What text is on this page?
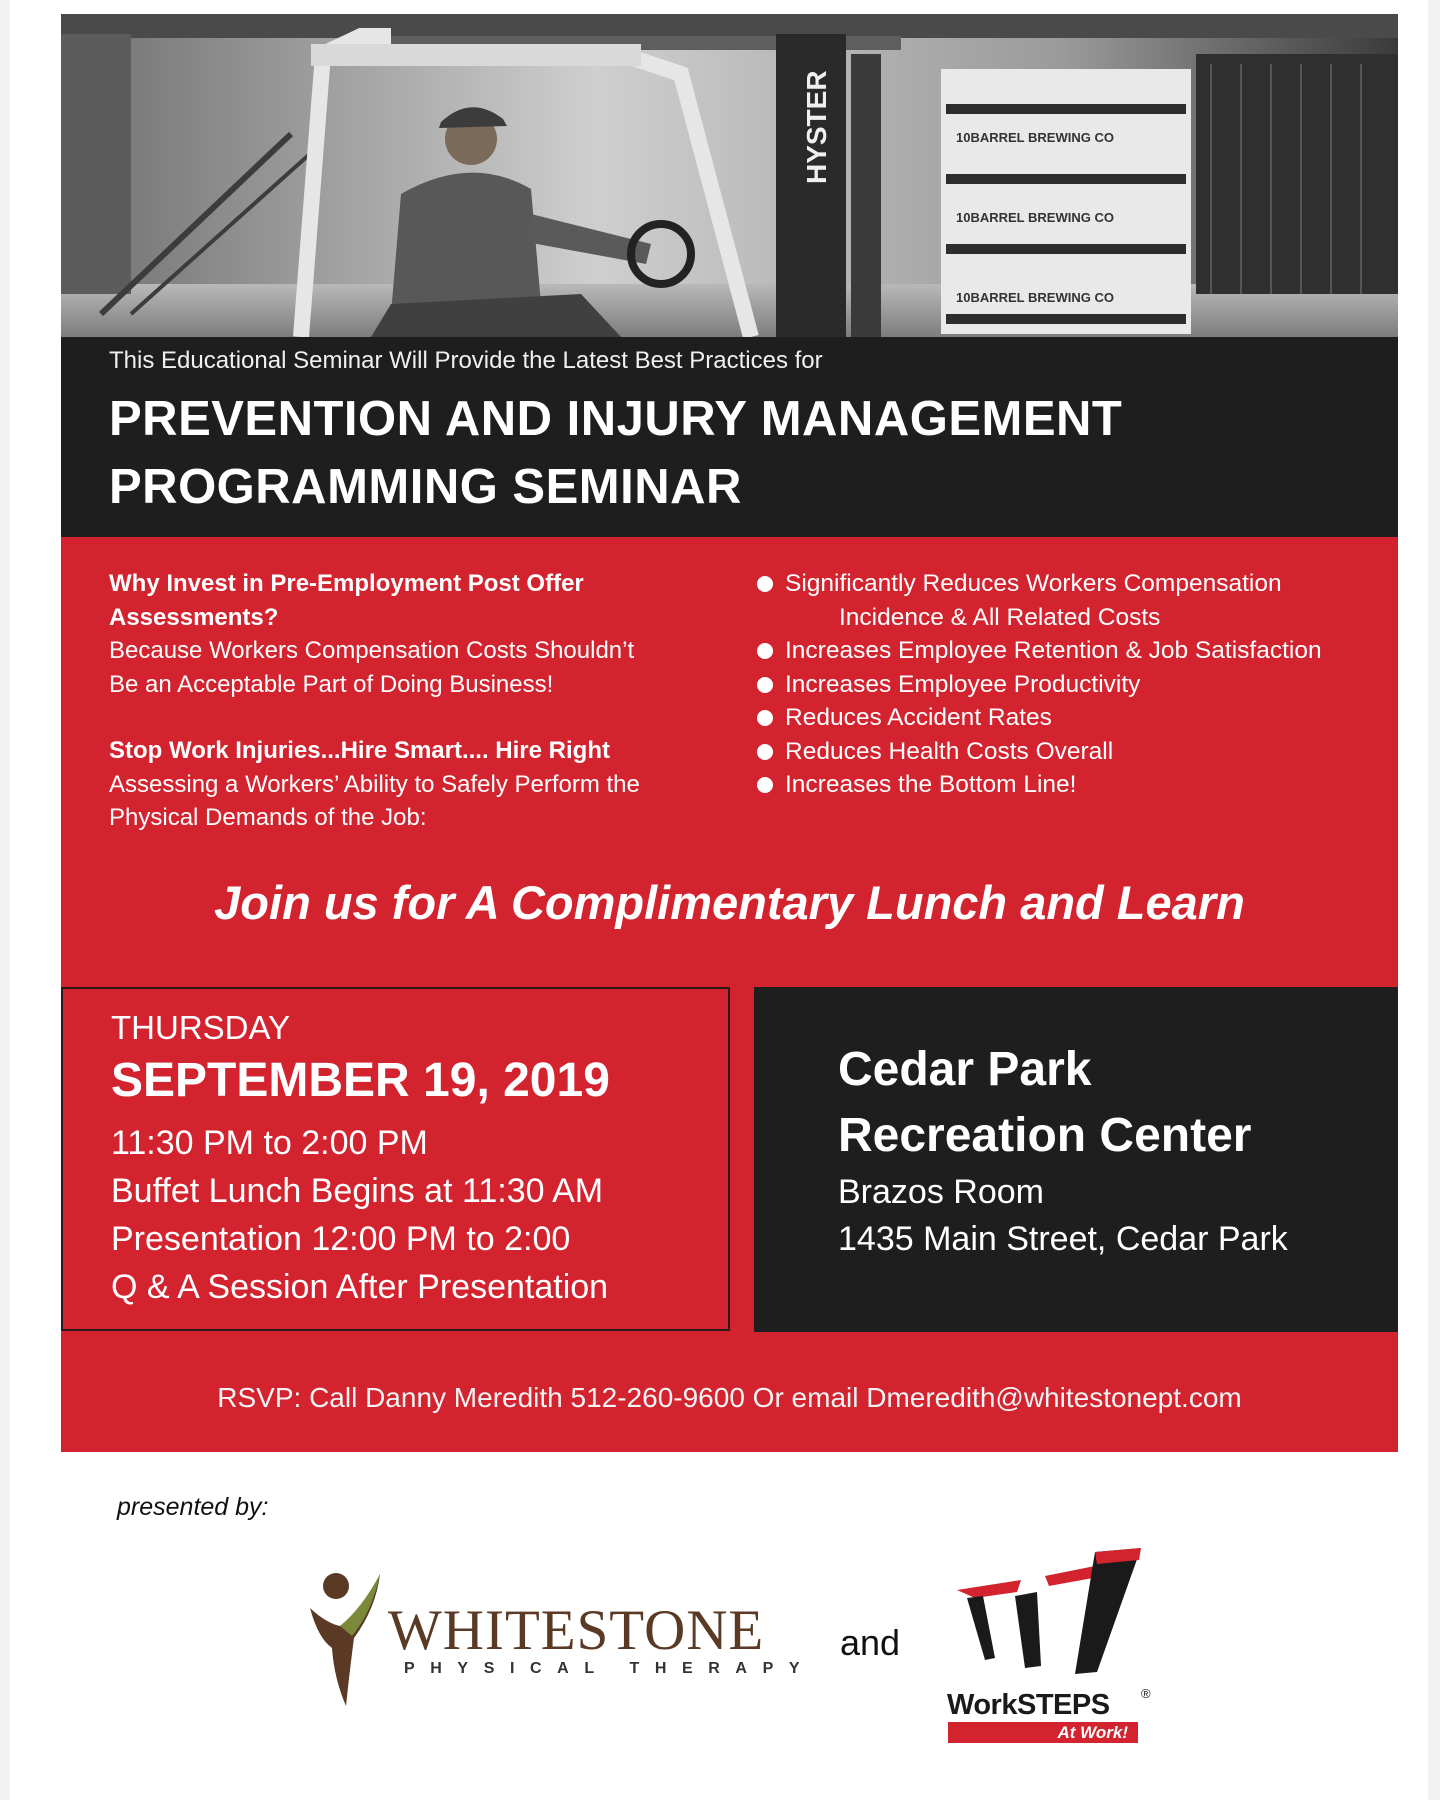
HYSTER	10BARREL BREWING CO
10BARREL BREWING CO
10BARREL BREWING CO
This Educational Seminar Will Provide the Latest Best Practices for
PREVENTION AND INJURY MANAGEMENT
PROGRAMMING SEMINAR
Why Invest in Pre-Employment Post Offer
Assessments?
Because Workers Compensation Costs Shouldn’t
Be an Acceptable Part of Doing Business!
Stop Work Injuries...Hire Smart.... Hire Right
Assessing a Workers’ Ability to Safely Perform the
Physical Demands of the Job:
Significantly Reduces Workers Compensation
Incidence & All Related Costs
Increases Employee Retention & Job Satisfaction
Increases Employee Productivity
Reduces Accident Rates
Reduces Health Costs Overall
Increases the Bottom Line!
Join us for A Complimentary Lunch and Learn
THURSDAY
SEPTEMBER 19, 2019
11:30 PM to 2:00 PM
Buffet Lunch Begins at 11:30 AM
Presentation 12:00 PM to 2:00
Q & A Session After Presentation
Cedar Park
Recreation Center
Brazos Room
1435 Main Street, Cedar Park
RSVP: Call Danny Meredith 512-260-9600 Or email Dmeredith@whitestonept.com
presented by:
WHITESTONE
PHYSICAL THERAPY
and
WorkSTEPS ®
At Work!
